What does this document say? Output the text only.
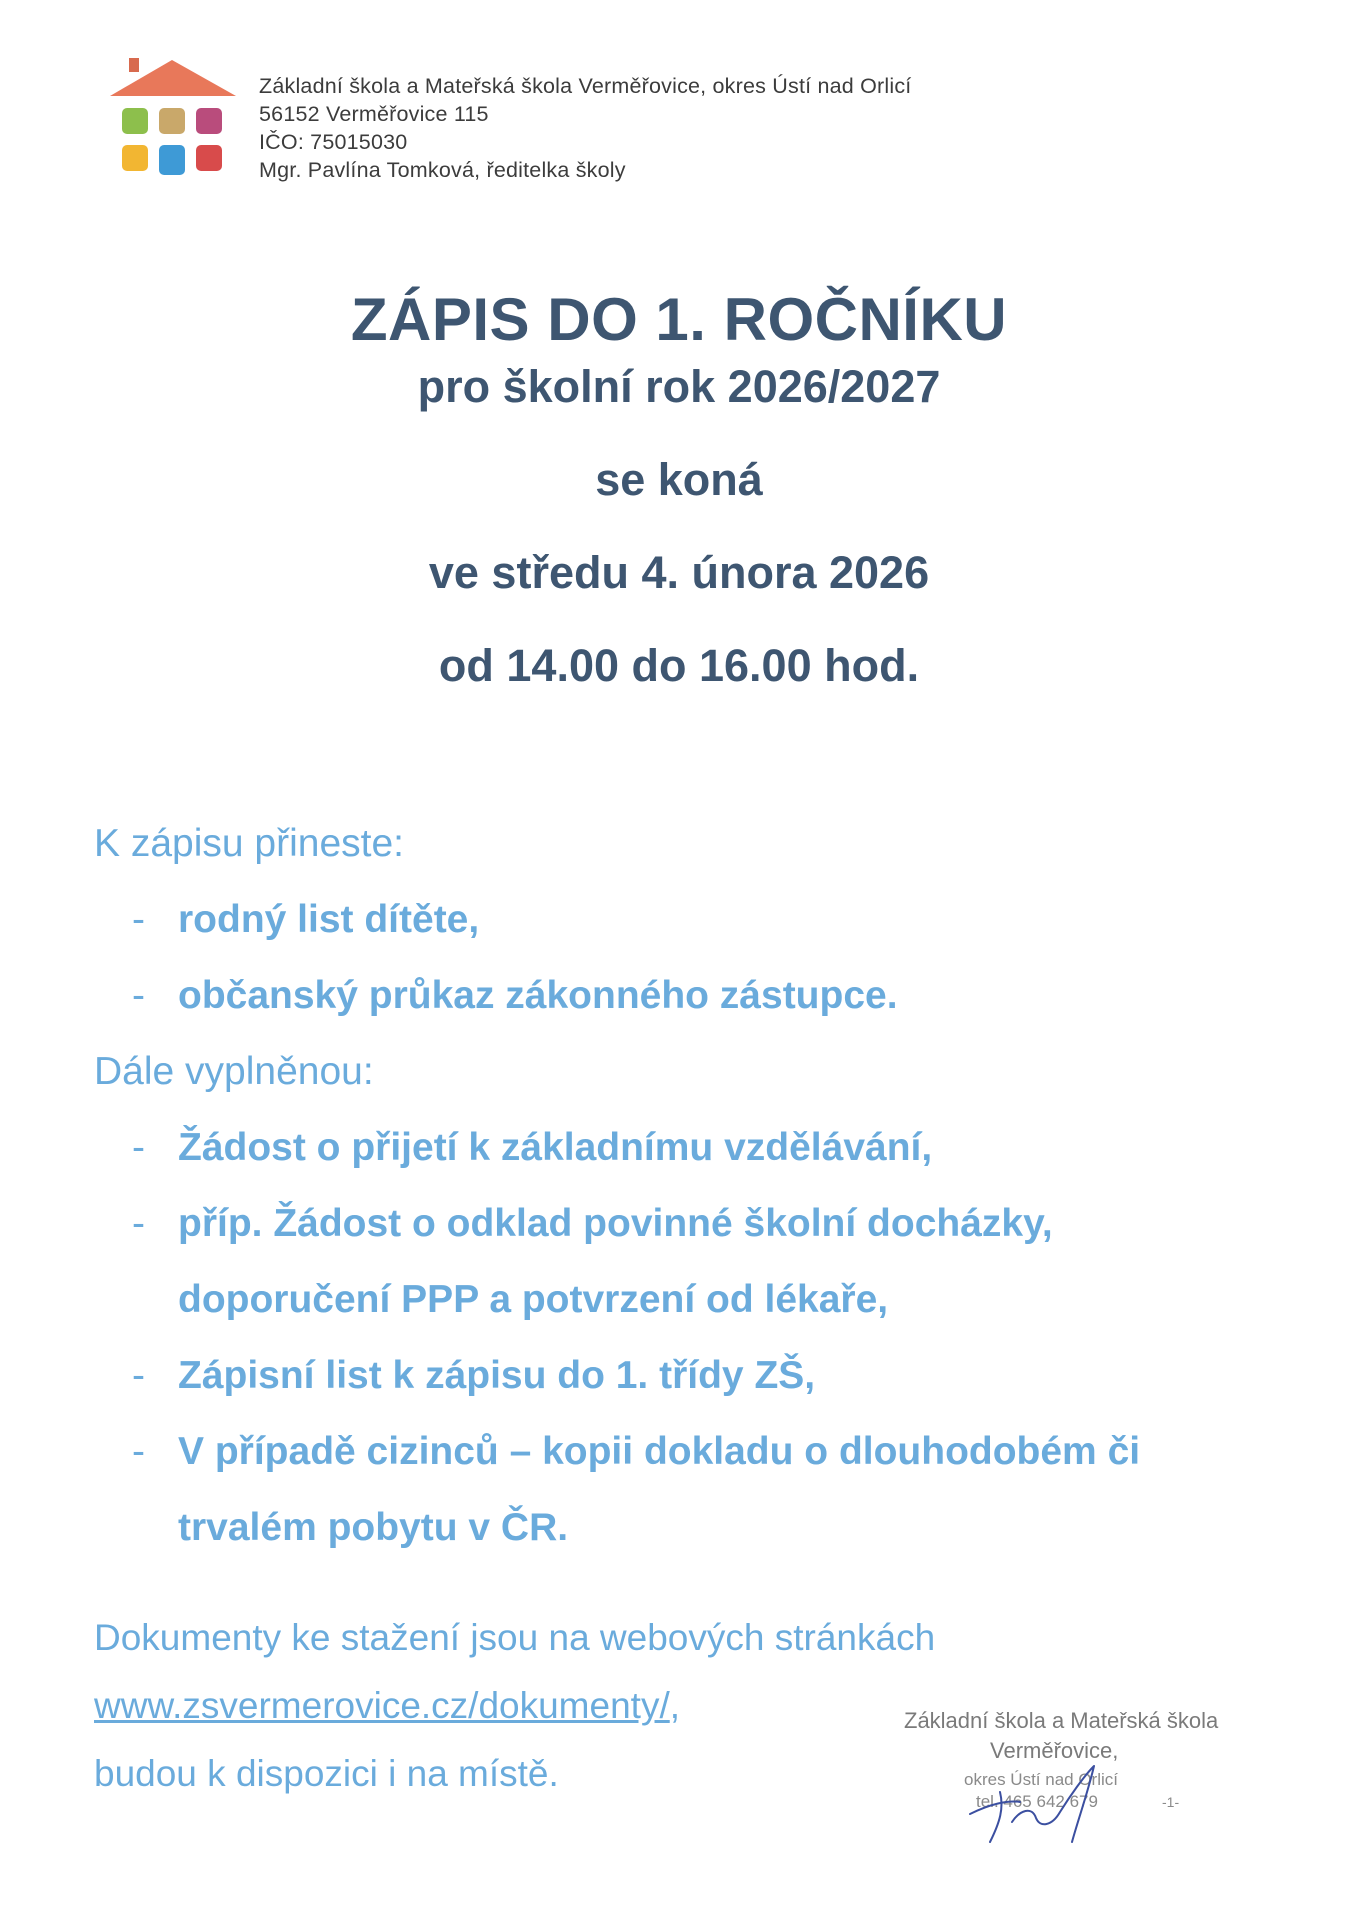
Základní škola a Mateřská škola Verměřovice, okres Ústí nad Orlicí
56152 Verměřovice 115
IČO: 75015030
Mgr. Pavlína Tomková, ředitelka školy
ZÁPIS DO 1. ROČNÍKU
pro školní rok 2026/2027
se koná
ve středu 4. února 2026
od 14.00 do 16.00 hod.
K zápisu přineste:
- rodný list dítěte,
- občanský průkaz zákonného zástupce.
Dále vyplněnou:
- Žádost o přijetí k základnímu vzdělávání,
- příp. Žádost o odklad povinné školní docházky,
doporučení PPP a potvrzení od lékaře,
- Zápisní list k zápisu do 1. třídy ZŠ,
- V případě cizinců – kopii dokladu o dlouhodobém či
trvalém pobytu v ČR.
Dokumenty ke stažení jsou na webových stránkách
www.zsvermerovice.cz/dokumenty/,
budou k dispozici i na místě.
Základní škola a Mateřská škola
Verměřovice,
okres Ústí nad Orlicí
tel. 465 642 679	-1-
